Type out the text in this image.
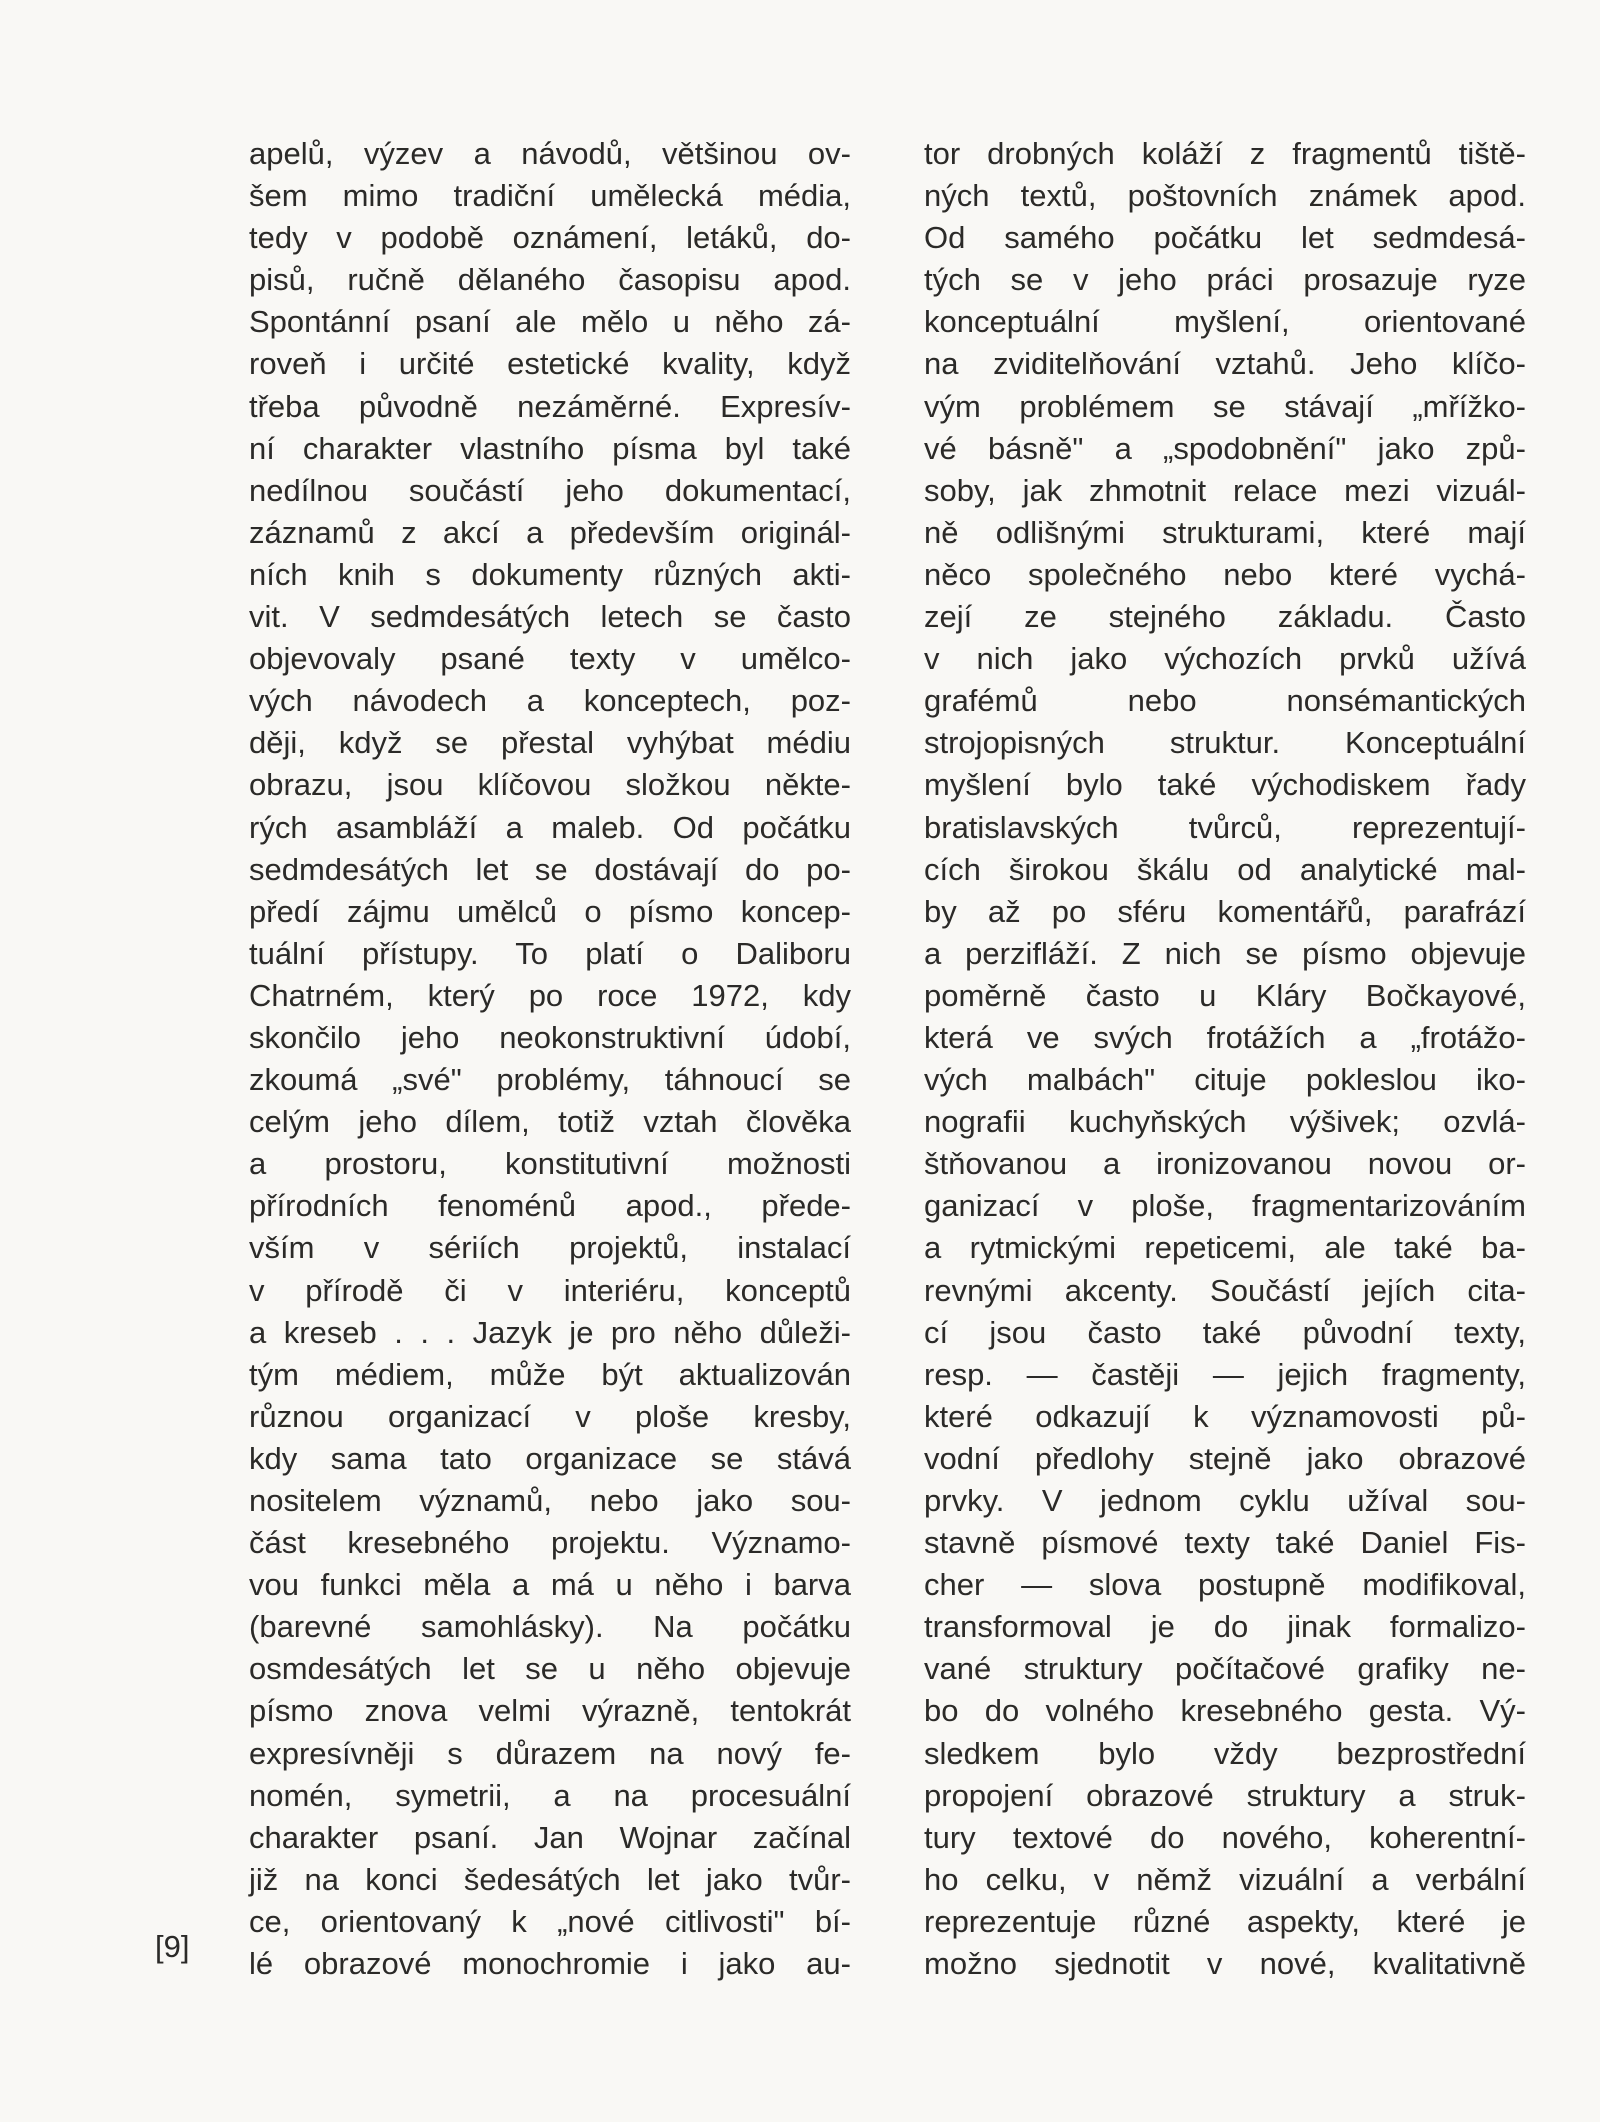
apelů, výzev a návodů, většinou ov-
šem mimo tradiční umělecká média,
tedy v podobě oznámení, letáků, do-
pisů, ručně dělaného časopisu apod.
Spontánní psaní ale mělo u něho zá-
roveň i určité estetické kvality, když
třeba původně nezáměrné. Expresív-
ní charakter vlastního písma byl také
nedílnou součástí jeho dokumentací,
záznamů z akcí a především originál-
ních knih s dokumenty různých akti-
vit. V sedmdesátých letech se často
objevovaly psané texty v umělco-
vých návodech a konceptech, poz-
ději, když se přestal vyhýbat médiu
obrazu, jsou klíčovou složkou někte-
rých asambláží a maleb. Od počátku
sedmdesátých let se dostávají do po-
předí zájmu umělců o písmo koncep-
tuální přístupy. To platí o Daliboru
Chatrném, který po roce 1972, kdy
skončilo jeho neokonstruktivní údobí,
zkoumá „své" problémy, táhnoucí se
celým jeho dílem, totiž vztah člověka
a prostoru, konstitutivní možnosti
přírodních fenoménů apod., přede-
vším v sériích projektů, instalací
v přírodě či v interiéru, konceptů
a kreseb . . . Jazyk je pro něho důleži-
tým médiem, může být aktualizován
různou organizací v ploše kresby,
kdy sama tato organizace se stává
nositelem významů, nebo jako sou-
část kresebného projektu. Významo-
vou funkci měla a má u něho i barva
(barevné samohlásky). Na počátku
osmdesátých let se u něho objevuje
písmo znova velmi výrazně, tentokrát
expresívněji s důrazem na nový fe-
nomén, symetrii, a na procesuální
charakter psaní. Jan Wojnar začínal
již na konci šedesátých let jako tvůr-
ce, orientovaný k „nové citlivosti" bí-
lé obrazové monochromie i jako au-
tor drobných koláží z fragmentů tiště-
ných textů, poštovních známek apod.
Od samého počátku let sedmdesá-
tých se v jeho práci prosazuje ryze
konceptuální myšlení, orientované
na zviditelňování vztahů. Jeho klíčo-
vým problémem se stávají „mřížko-
vé básně" a „spodobnění" jako způ-
soby, jak zhmotnit relace mezi vizuál-
ně odlišnými strukturami, které mají
něco společného nebo které vychá-
zejí ze stejného základu. Často
v nich jako výchozích prvků užívá
grafémů nebo nonsémantických
strojopisných struktur. Konceptuální
myšlení bylo také východiskem řady
bratislavských tvůrců, reprezentují-
cích širokou škálu od analytické mal-
by až po sféru komentářů, parafrází
a perzifláží. Z nich se písmo objevuje
poměrně často u Kláry Bočkayové,
která ve svých frotážích a „frotážo-
vých malbách" cituje pokleslou iko-
nografii kuchyňských výšivek; ozvlá-
štňovanou a ironizovanou novou or-
ganizací v ploše, fragmentarizováním
a rytmickými repeticemi, ale také ba-
revnými akcenty. Součástí jejích cita-
cí jsou často také původní texty,
resp. — častěji — jejich fragmenty,
které odkazují k významovosti pů-
vodní předlohy stejně jako obrazové
prvky. V jednom cyklu užíval sou-
stavně písmové texty také Daniel Fis-
cher — slova postupně modifikoval,
transformoval je do jinak formalizo-
vané struktury počítačové grafiky ne-
bo do volného kresebného gesta. Vý-
sledkem bylo vždy bezprostřední
propojení obrazové struktury a struk-
tury textové do nového, koherentní-
ho celku, v němž vizuální a verbální
reprezentuje různé aspekty, které je
možno sjednotit v nové, kvalitativně
[9]
